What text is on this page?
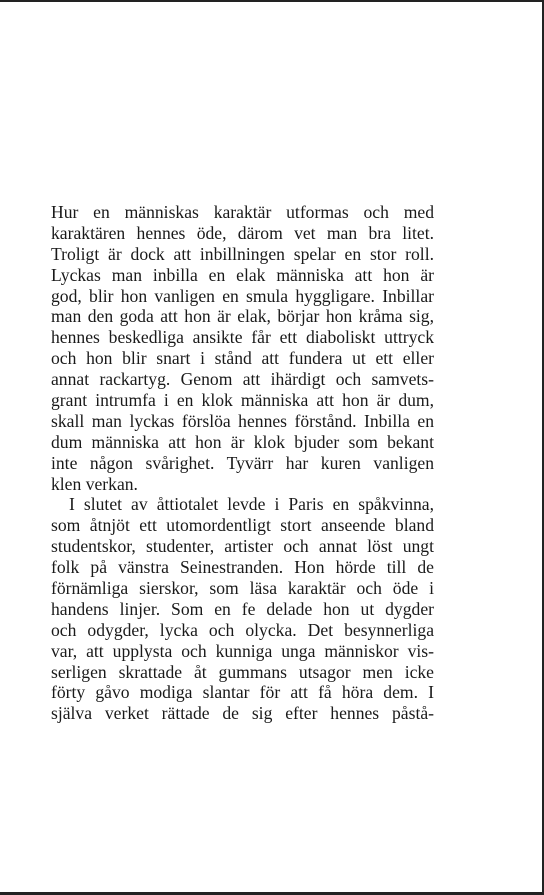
Hur en människas karaktär utformas och med
karaktären hennes öde, därom vet man bra litet.
Troligt är dock att inbillningen spelar en stor roll.
Lyckas man inbilla en elak människa att hon är
god, blir hon vanligen en smula hyggligare. Inbillar
man den goda att hon är elak, börjar hon kråma sig,
hennes beskedliga ansikte får ett diaboliskt uttryck
och hon blir snart i stånd att fundera ut ett eller
annat rackartyg. Genom att ihärdigt och samvets-
grant intrumfa i en klok människa att hon är dum,
skall man lyckas förslöa hennes förstånd. Inbilla en
dum människa att hon är klok bjuder som bekant
inte någon svårighet. Tyvärr har kuren vanligen
klen verkan.
I slutet av åttiotalet levde i Paris en spåkvinna,
som åtnjöt ett utomordentligt stort anseende bland
studentskor, studenter, artister och annat löst ungt
folk på vänstra Seinestranden. Hon hörde till de
förnämliga sierskor, som läsa karaktär och öde i
handens linjer. Som en fe delade hon ut dygder
och odygder, lycka och olycka. Det besynnerliga
var, att upplysta och kunniga unga människor vis-
serligen skrattade åt gummans utsagor men icke
förty gåvo modiga slantar för att få höra dem. I
själva verket rättade de sig efter hennes påstå-
